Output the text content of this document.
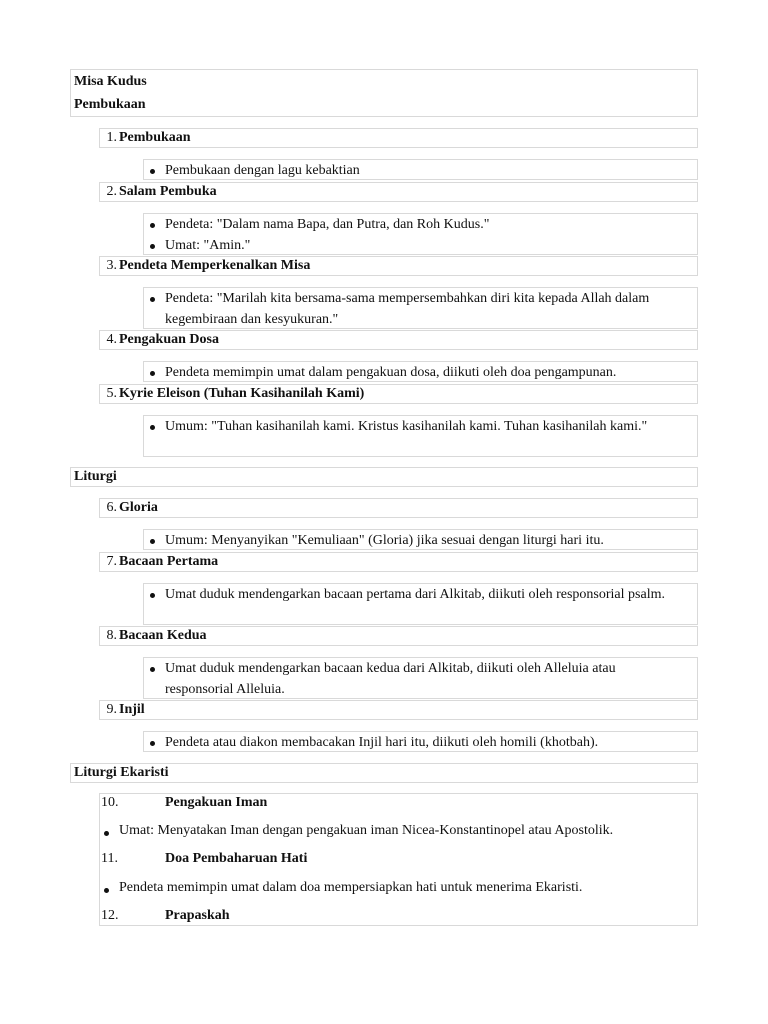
Misa Kudus
Pembukaan
1. Pembukaan
Pembukaan dengan lagu kebaktian
2. Salam Pembuka
Pendeta: "Dalam nama Bapa, dan Putra, dan Roh Kudus."
Umat: "Amin."
3. Pendeta Memperkenalkan Misa
Pendeta: "Marilah kita bersama-sama mempersembahkan diri kita kepada Allah dalam kegembiraan dan kesyukuran."
4. Pengakuan Dosa
Pendeta memimpin umat dalam pengakuan dosa, diikuti oleh doa pengampunan.
5. Kyrie Eleison (Tuhan Kasihanilah Kami)
Umum: "Tuhan kasihanilah kami. Kristus kasihanilah kami. Tuhan kasihanilah kami."
Liturgi
6. Gloria
Umum: Menyanyikan "Kemuliaan" (Gloria) jika sesuai dengan liturgi hari itu.
7. Bacaan Pertama
Umat duduk mendengarkan bacaan pertama dari Alkitab, diikuti oleh responsorial psalm.
8. Bacaan Kedua
Umat duduk mendengarkan bacaan kedua dari Alkitab, diikuti oleh Alleluia atau responsorial Alleluia.
9. Injil
Pendeta atau diakon membacakan Injil hari itu, diikuti oleh homili (khotbah).
Liturgi Ekaristi
10.	Pengakuan Iman
Umat: Menyatakan Iman dengan pengakuan iman Nicea-Konstantinopel atau Apostolik.
11.	Doa Pembaharuan Hati
Pendeta memimpin umat dalam doa mempersiapkan hati untuk menerima Ekaristi.
12.	Prapaskah
